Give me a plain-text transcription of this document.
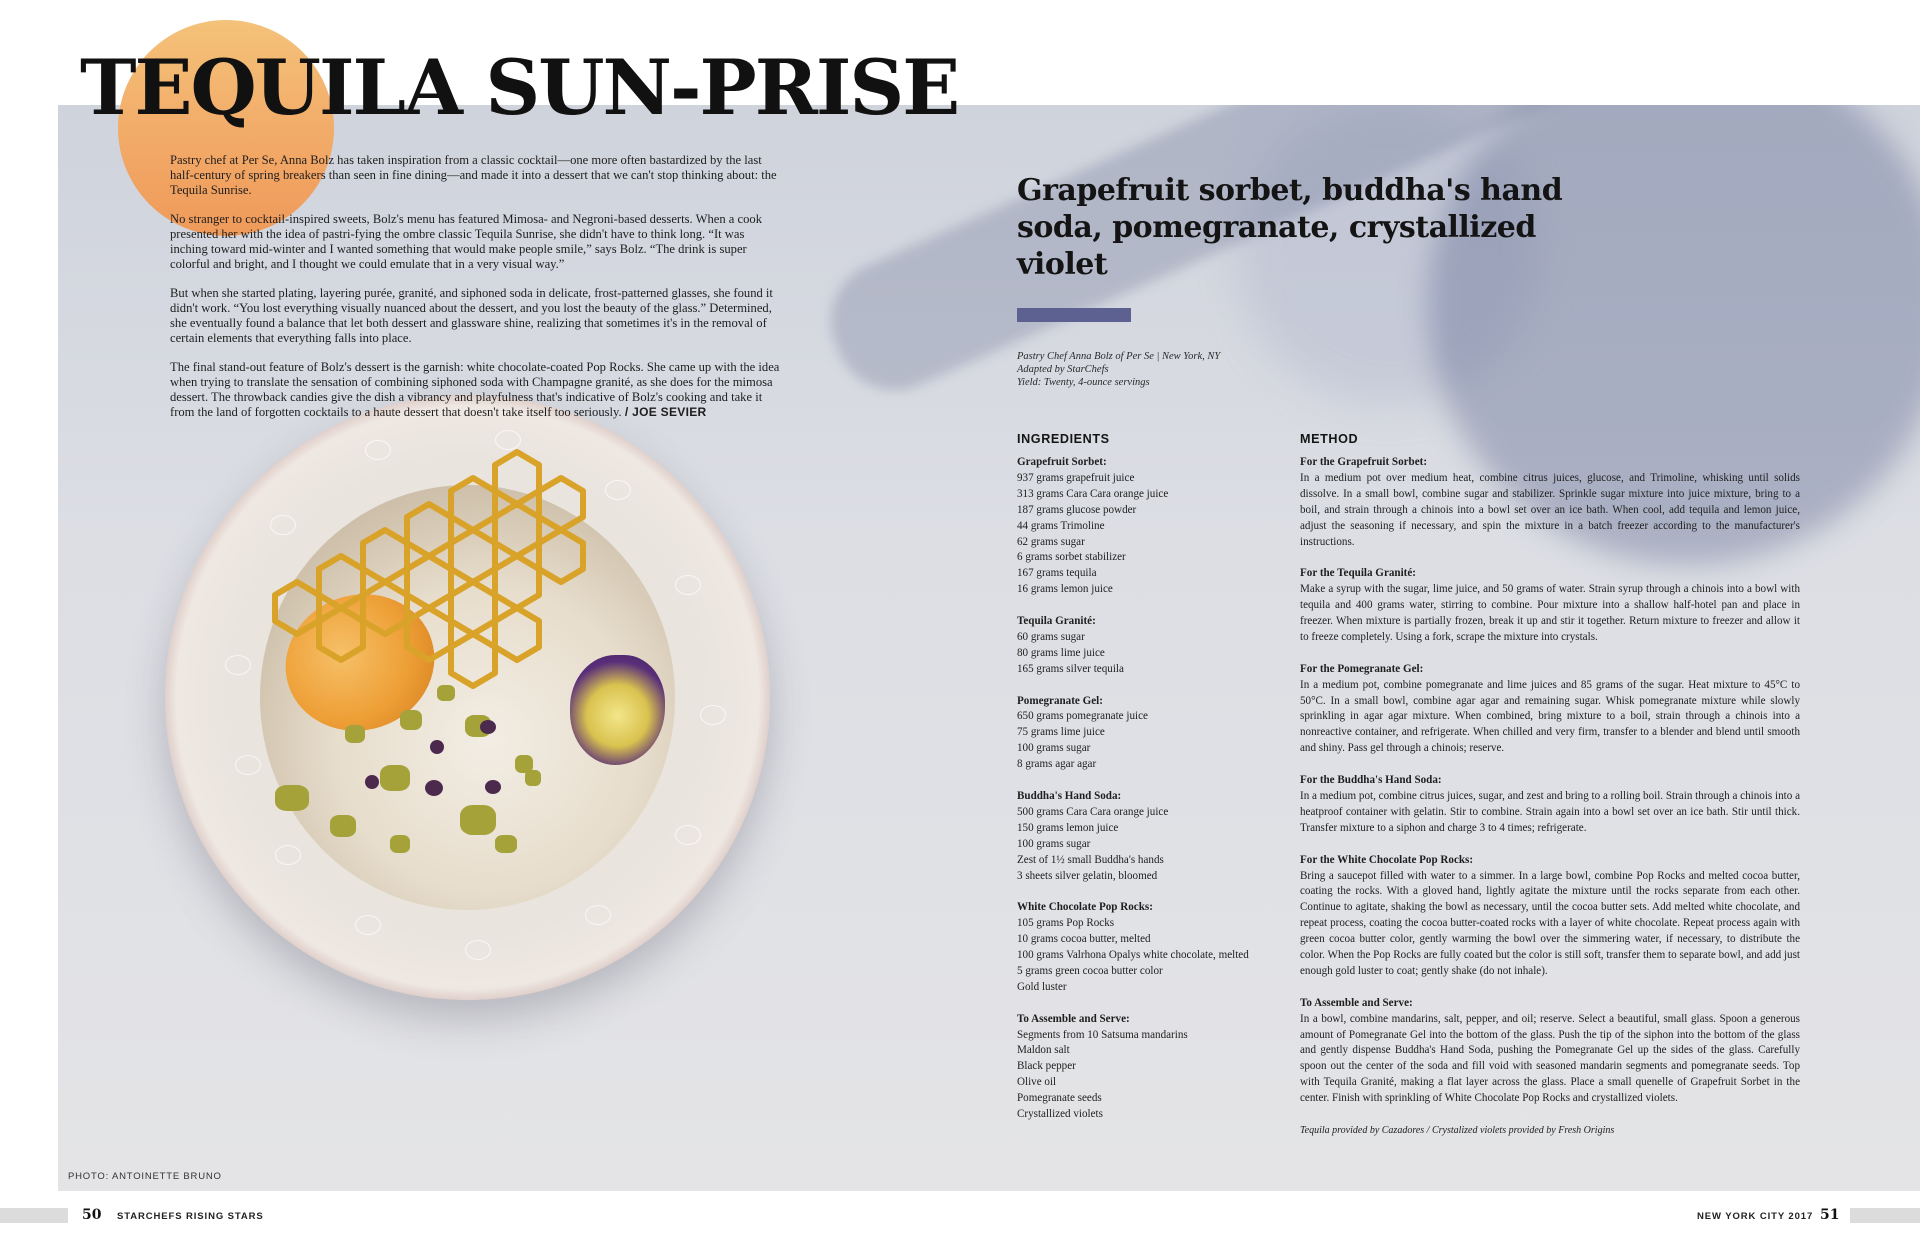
TEQUILA SUN-PRISE

Pastry chef at Per Se, Anna Bolz has taken inspiration from a classic cocktail—one more often bastardized by the last half-century of spring breakers than seen in fine dining—and made it into a dessert that we can't stop thinking about: the Tequila Sunrise.

No stranger to cocktail-inspired sweets, Bolz's menu has featured Mimosa- and Negroni-based desserts. When a cook presented her with the idea of pastri-fying the ombre classic Tequila Sunrise, she didn't have to think long. “It was inching toward mid-winter and I wanted something that would make people smile,” says Bolz. “The drink is super colorful and bright, and I thought we could emulate that in a very visual way.”

But when she started plating, layering purée, granité, and siphoned soda in delicate, frost-patterned glasses, she found it didn't work. “You lost everything visually nuanced about the dessert, and you lost the beauty of the glass.” Determined, she eventually found a balance that let both dessert and glassware shine, realizing that sometimes it's in the removal of certain elements that everything falls into place.

The final stand-out feature of Bolz's dessert is the garnish: white chocolate-coated Pop Rocks. She came up with the idea when trying to translate the sensation of combining siphoned soda with Champagne granité, as she does for the mimosa dessert. The throwback candies give the dish a vibrancy and playfulness that's indicative of Bolz's cooking and take it from the land of forgotten cocktails to a haute dessert that doesn't take itself too seriously. / JOE SEVIER

Grapefruit sorbet, buddha's hand soda, pomegranate, crystallized violet
Pastry Chef Anna Bolz of Per Se | New York, NY
Adapted by StarChefs
Yield: Twenty, 4-ounce servings
INGREDIENTS	METHOD
Grapefruit Sorbet:
937 grams grapefruit juice
313 grams Cara Cara orange juice
187 grams glucose powder
44 grams Trimoline
62 grams sugar
6 grams sorbet stabilizer
167 grams tequila
16 grams lemon juice
Tequila Granité:
60 grams sugar
80 grams lime juice
165 grams silver tequila
Pomegranate Gel:
650 grams pomegranate juice
75 grams lime juice
100 grams sugar
8 grams agar agar
Buddha's Hand Soda:
500 grams Cara Cara orange juice
150 grams lemon juice
100 grams sugar
Zest of 1½ small Buddha's hands
3 sheets silver gelatin, bloomed
White Chocolate Pop Rocks:
105 grams Pop Rocks
10 grams cocoa butter, melted
100 grams Valrhona Opalys white chocolate, melted
5 grams green cocoa butter color
Gold luster
To Assemble and Serve:
Segments from 10 Satsuma mandarins
Maldon salt
Black pepper
Olive oil
Pomegranate seeds
Crystallized violets
For the Grapefruit Sorbet:
In a medium pot over medium heat, combine citrus juices, glucose, and Trimoline, whisking until solids dissolve. In a small bowl, combine sugar and stabilizer. Sprinkle sugar mixture into juice mixture, bring to a boil, and strain through a chinois into a bowl set over an ice bath. When cool, add tequila and lemon juice, adjust the seasoning if necessary, and spin the mixture in a batch freezer according to the manufacturer's instructions.
For the Tequila Granité:
Make a syrup with the sugar, lime juice, and 50 grams of water. Strain syrup through a chinois into a bowl with tequila and 400 grams water, stirring to combine. Pour mixture into a shallow half-hotel pan and place in freezer. When mixture is partially frozen, break it up and stir it together. Return mixture to freezer and allow it to freeze completely. Using a fork, scrape the mixture into crystals.
For the Pomegranate Gel:
In a medium pot, combine pomegranate and lime juices and 85 grams of the sugar. Heat mixture to 45°C to 50°C. In a small bowl, combine agar agar and remaining sugar. Whisk pomegranate mixture while slowly sprinkling in agar agar mixture. When combined, bring mixture to a boil, strain through a chinois into a nonreactive container, and refrigerate. When chilled and very firm, transfer to a blender and blend until smooth and shiny. Pass gel through a chinois; reserve.
For the Buddha's Hand Soda:
In a medium pot, combine citrus juices, sugar, and zest and bring to a rolling boil. Strain through a chinois into a heatproof container with gelatin. Stir to combine. Strain again into a bowl set over an ice bath. Stir until thick. Transfer mixture to a siphon and charge 3 to 4 times; refrigerate.
For the White Chocolate Pop Rocks:
Bring a saucepot filled with water to a simmer. In a large bowl, combine Pop Rocks and melted cocoa butter, coating the rocks. With a gloved hand, lightly agitate the mixture until the rocks separate from each other. Continue to agitate, shaking the bowl as necessary, until the cocoa butter sets. Add melted white chocolate, and repeat process, coating the cocoa butter-coated rocks with a layer of white chocolate. Repeat process again with green cocoa butter color, gently warming the bowl over the simmering water, if necessary, to distribute the color. When the Pop Rocks are fully coated but the color is still soft, transfer them to separate bowl, and add just enough gold luster to coat; gently shake (do not inhale).
To Assemble and Serve:
In a bowl, combine mandarins, salt, pepper, and oil; reserve. Select a beautiful, small glass. Spoon a generous amount of Pomegranate Gel into the bottom of the glass. Push the tip of the siphon into the bottom of the glass and gently dispense Buddha's Hand Soda, pushing the Pomegranate Gel up the sides of the glass. Carefully spoon out the center of the soda and fill void with seasoned mandarin segments and pomegranate seeds. Top with Tequila Granité, making a flat layer across the glass. Place a small quenelle of Grapefruit Sorbet in the center. Finish with sprinkling of White Chocolate Pop Rocks and crystallized violets.
Tequila provided by Cazadores / Crystalized violets provided by Fresh Origins
PHOTO: ANTOINETTE BRUNO
50 STARCHEFS RISING STARS	NEW YORK CITY 2017 51
